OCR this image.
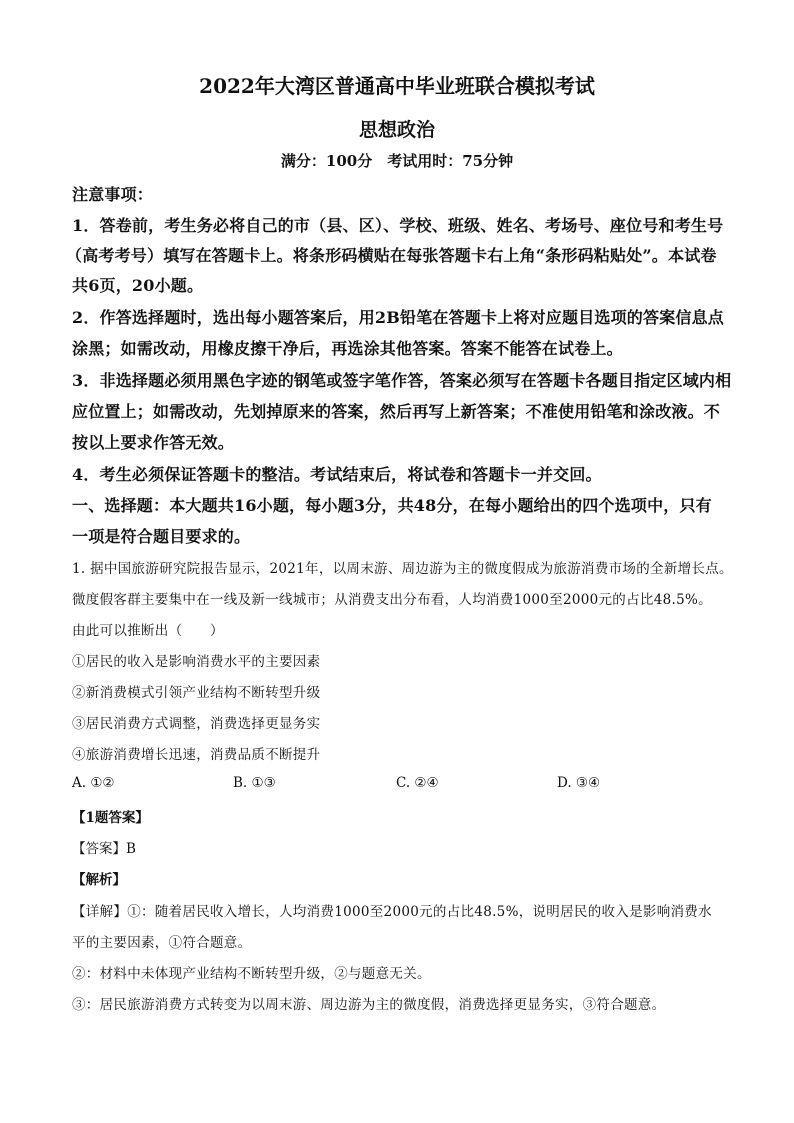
2022年大湾区普通高中毕业班联合模拟考试
思想政治
满分：100分　考试用时：75分钟
注意事项：
1．答卷前，考生务必将自己的市（县、区）、学校、班级、姓名、考场号、座位号和考生号
（高考考号）填写在答题卡上。将条形码横贴在每张答题卡右上角“条形码粘贴处”。本试卷
共6页，20小题。
2．作答选择题时，选出每小题答案后，用2B铅笔在答题卡上将对应题目选项的答案信息点
涂黑；如需改动，用橡皮擦干净后，再选涂其他答案。答案不能答在试卷上。
3．非选择题必须用黑色字迹的钢笔或签字笔作答，答案必须写在答题卡各题目指定区域内相
应位置上；如需改动，先划掉原来的答案，然后再写上新答案；不准使用铅笔和涂改液。不
按以上要求作答无效。
4．考生必须保证答题卡的整洁。考试结束后，将试卷和答题卡一并交回。
一、选择题：本大题共16小题，每小题3分，共48分，在每小题给出的四个选项中，只有
一项是符合题目要求的。
1. 据中国旅游研究院报告显示，2021年，以周末游、周边游为主的微度假成为旅游消费市场的全新增长点。
微度假客群主要集中在一线及新一线城市；从消费支出分布看，人均消费1000至2000元的占比48.5%。
由此可以推断出（　　）
①居民的收入是影响消费水平的主要因素
②新消费模式引领产业结构不断转型升级
③居民消费方式调整，消费选择更显务实
④旅游消费增长迅速，消费品质不断提升
A. ①②	B. ①③	C. ②④	D. ③④
【1题答案】
【答案】B
【解析】
【详解】①：随着居民收入增长，人均消费1000至2000元的占比48.5%，说明居民的收入是影响消费水
平的主要因素，①符合题意。
②：材料中未体现产业结构不断转型升级，②与题意无关。
③：居民旅游消费方式转变为以周末游、周边游为主的微度假，消费选择更显务实，③符合题意。
